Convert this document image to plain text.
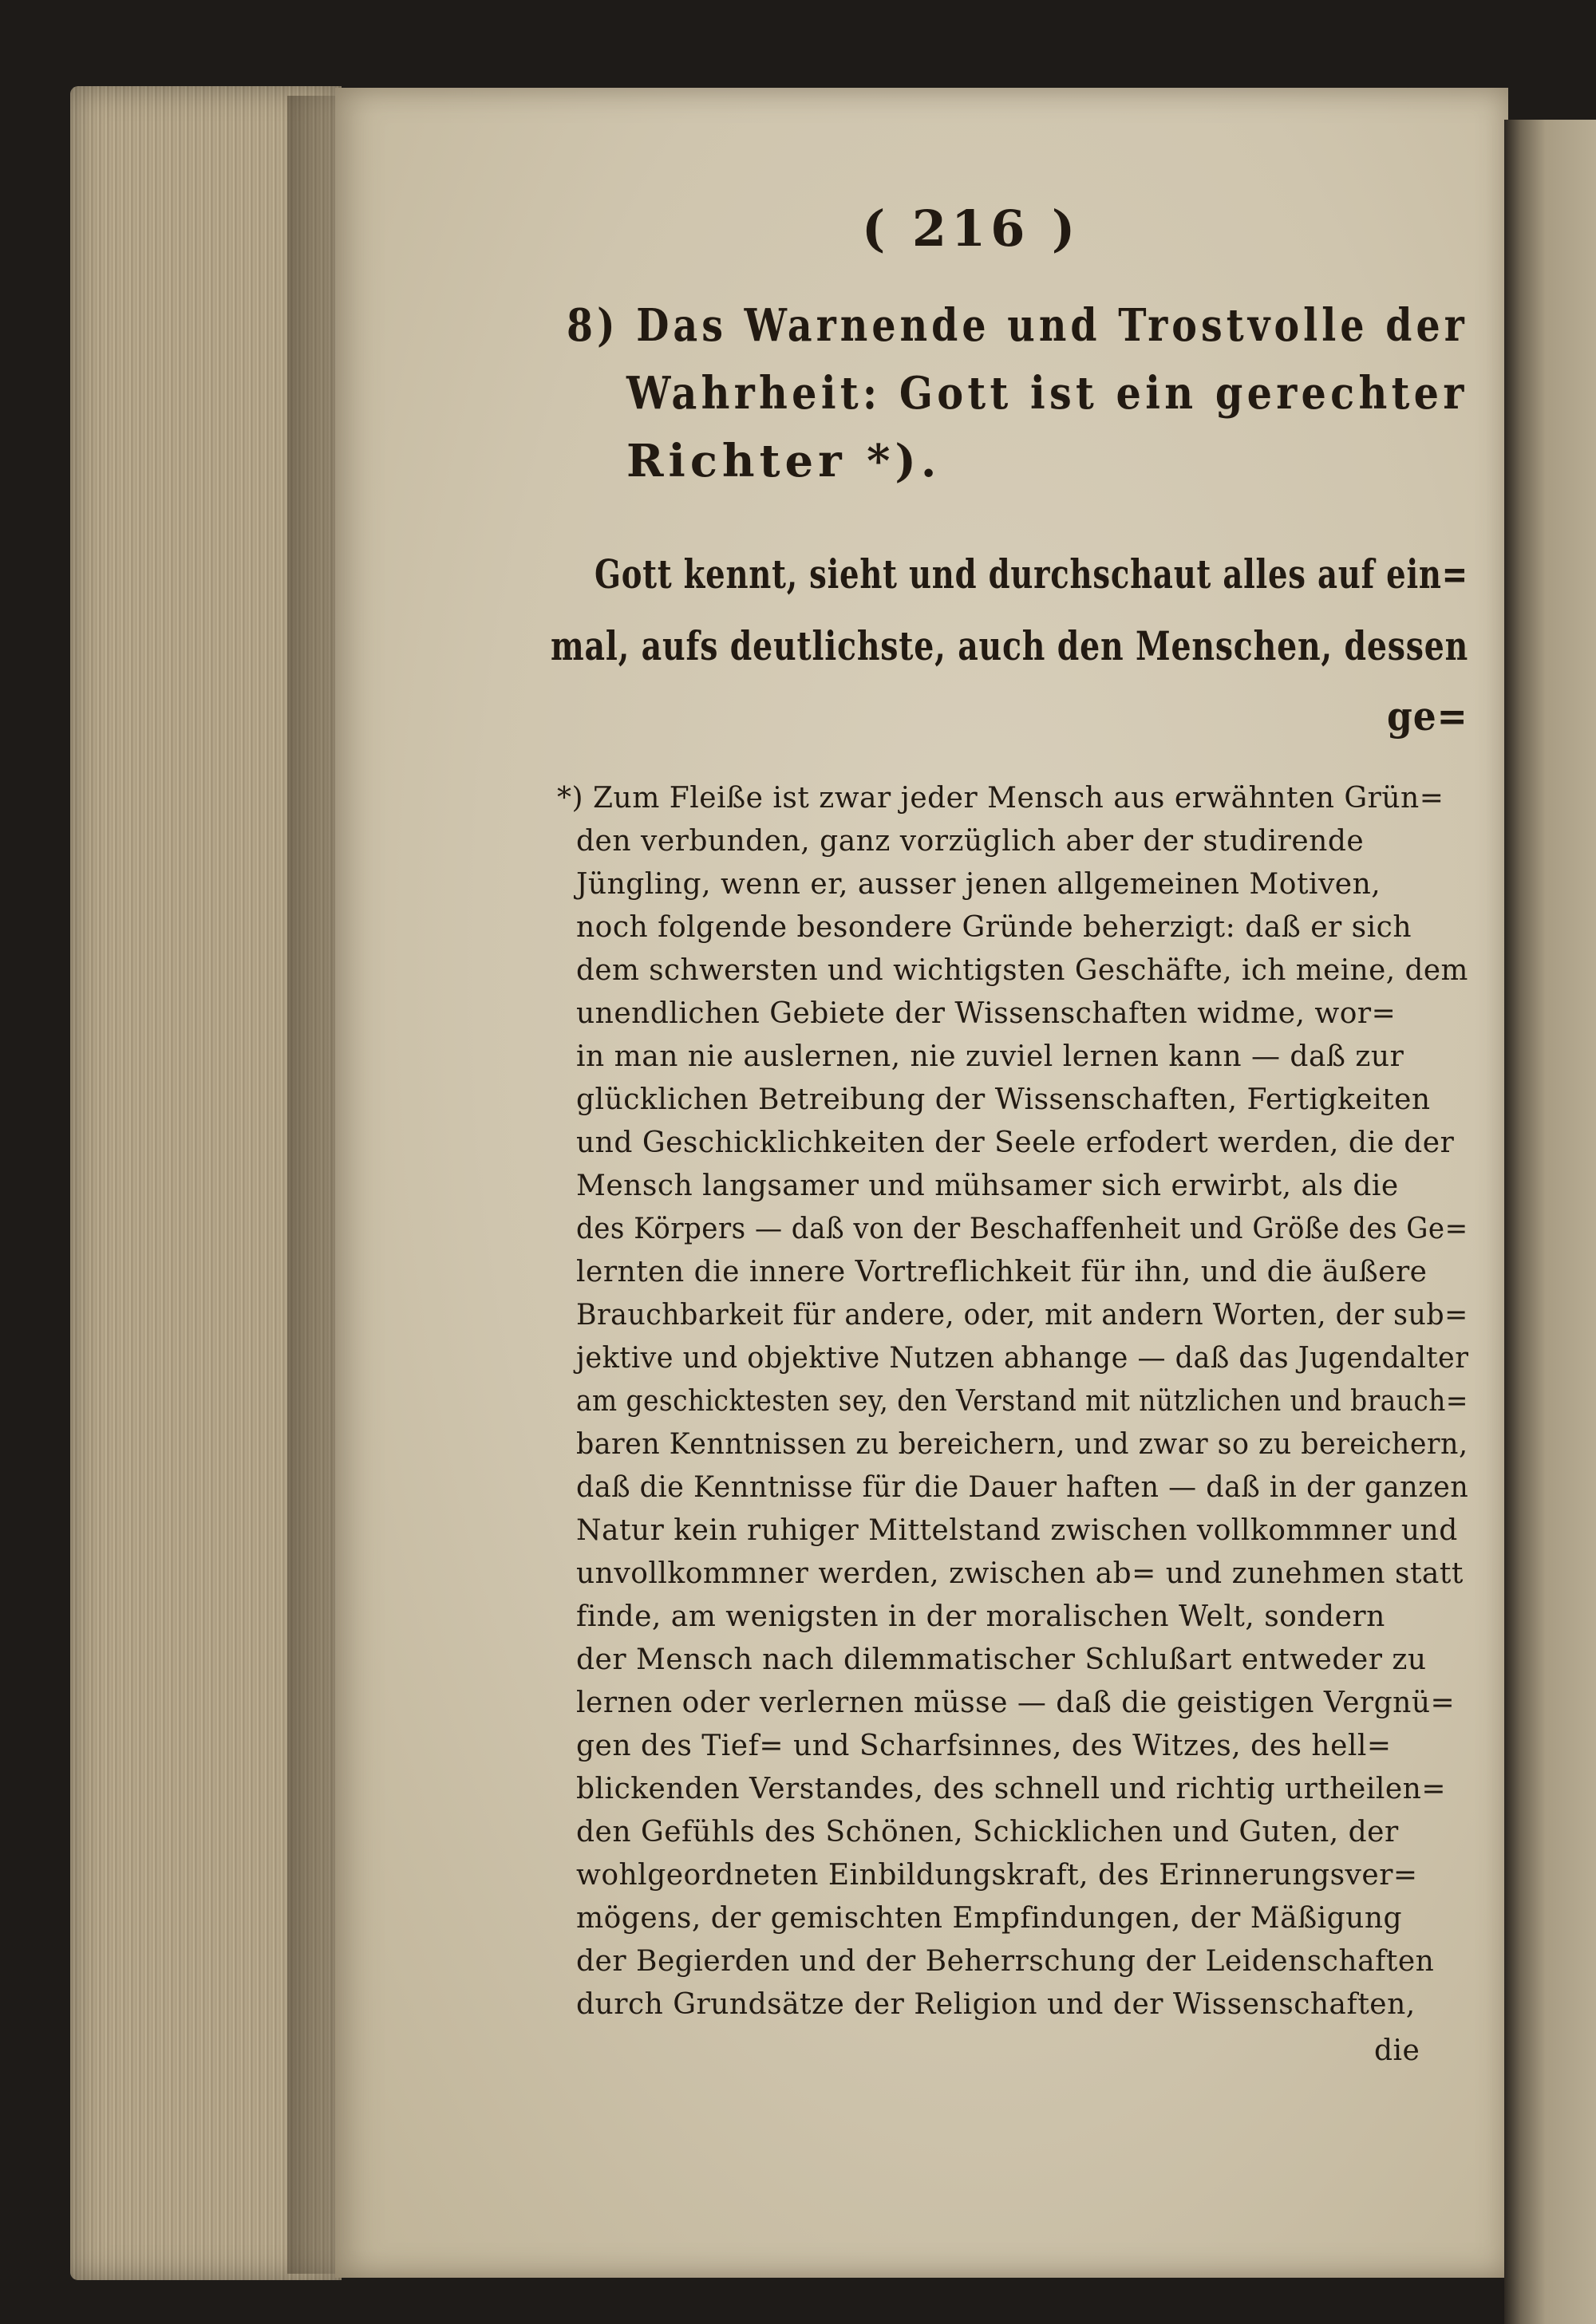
( 216 )
8) Das Warnende und Trostvolle der
Wahrheit: Gott ist ein gerechter
Richter *).
Gott kennt, sieht und durchschaut alles auf ein=
mal, aufs deutlichste, auch den Menschen, dessen
ge=
*) Zum Fleiße ist zwar jeder Mensch aus erwähnten Grün=
den verbunden, ganz vorzüglich aber der studirende
Jüngling, wenn er, ausser jenen allgemeinen Motiven,
noch folgende besondere Gründe beherzigt: daß er sich
dem schwersten und wichtigsten Geschäfte, ich meine, dem
unendlichen Gebiete der Wissenschaften widme, wor=
in man nie auslernen, nie zuviel lernen kann — daß zur
glücklichen Betreibung der Wissenschaften, Fertigkeiten
und Geschicklichkeiten der Seele erfodert werden, die der
Mensch langsamer und mühsamer sich erwirbt, als die
des Körpers — daß von der Beschaffenheit und Größe des Ge=
lernten die innere Vortreflichkeit für ihn, und die äußere
Brauchbarkeit für andere, oder, mit andern Worten, der sub=
jektive und objektive Nutzen abhange — daß das Jugendalter
am geschicktesten sey, den Verstand mit nützlichen und brauch=
baren Kenntnissen zu bereichern, und zwar so zu bereichern,
daß die Kenntnisse für die Dauer haften — daß in der ganzen
Natur kein ruhiger Mittelstand zwischen vollkommner und
unvollkommner werden, zwischen ab= und zunehmen statt
finde, am wenigsten in der moralischen Welt, sondern
der Mensch nach dilemmatischer Schlußart entweder zu
lernen oder verlernen müsse — daß die geistigen Vergnü=
gen des Tief= und Scharfsinnes, des Witzes, des hell=
blickenden Verstandes, des schnell und richtig urtheilen=
den Gefühls des Schönen, Schicklichen und Guten, der
wohlgeordneten Einbildungskraft, des Erinnerungsver=
mögens, der gemischten Empfindungen, der Mäßigung
der Begierden und der Beherrschung der Leidenschaften
durch Grundsätze der Religion und der Wissenschaften,
die
